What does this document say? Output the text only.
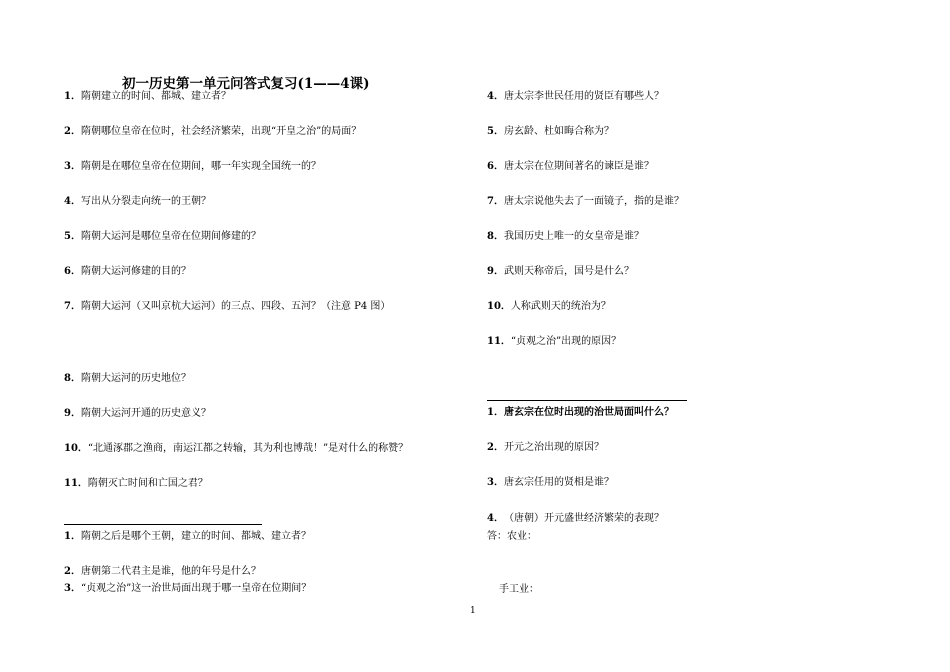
初一历史第一单元问答式复习(1——4课)
1．隋朝建立的时间、都城、建立者？
2．隋朝哪位皇帝在位时，社会经济繁荣，出现“开皇之治”的局面？
3．隋朝是在哪位皇帝在位期间，哪一年实现全国统一的？
4．写出从分裂走向统一的王朝？
5．隋朝大运河是哪位皇帝在位期间修建的？
6．隋朝大运河修建的目的？
7．隋朝大运河（又叫京杭大运河）的三点、四段、五河？（注意 P4 图）
8．隋朝大运河的历史地位？
9．隋朝大运河开通的历史意义？
10．“北通涿郡之渔商，南运江都之转输，其为利也博哉！”是对什么的称赞？
11．隋朝灭亡时间和亡国之君？
1．隋朝之后是哪个王朝，建立的时间、都城、建立者？
2．唐朝第二代君主是谁，他的年号是什么？
3．“贞观之治”这一治世局面出现于哪一皇帝在位期间？
4．唐太宗李世民任用的贤臣有哪些人？
5．房玄龄、杜如晦合称为？
6．唐太宗在位期间著名的谏臣是谁？
7．唐太宗说他失去了一面镜子，指的是谁？
8．我国历史上唯一的女皇帝是谁？
9．武则天称帝后，国号是什么？
10．人称武则天的统治为？
11．“贞观之治”出现的原因？
1．唐玄宗在位时出现的治世局面叫什么？
2．开元之治出现的原因？
3．唐玄宗任用的贤相是谁？
4．（唐朝）开元盛世经济繁荣的表现？
答：农业：
手工业：
1
